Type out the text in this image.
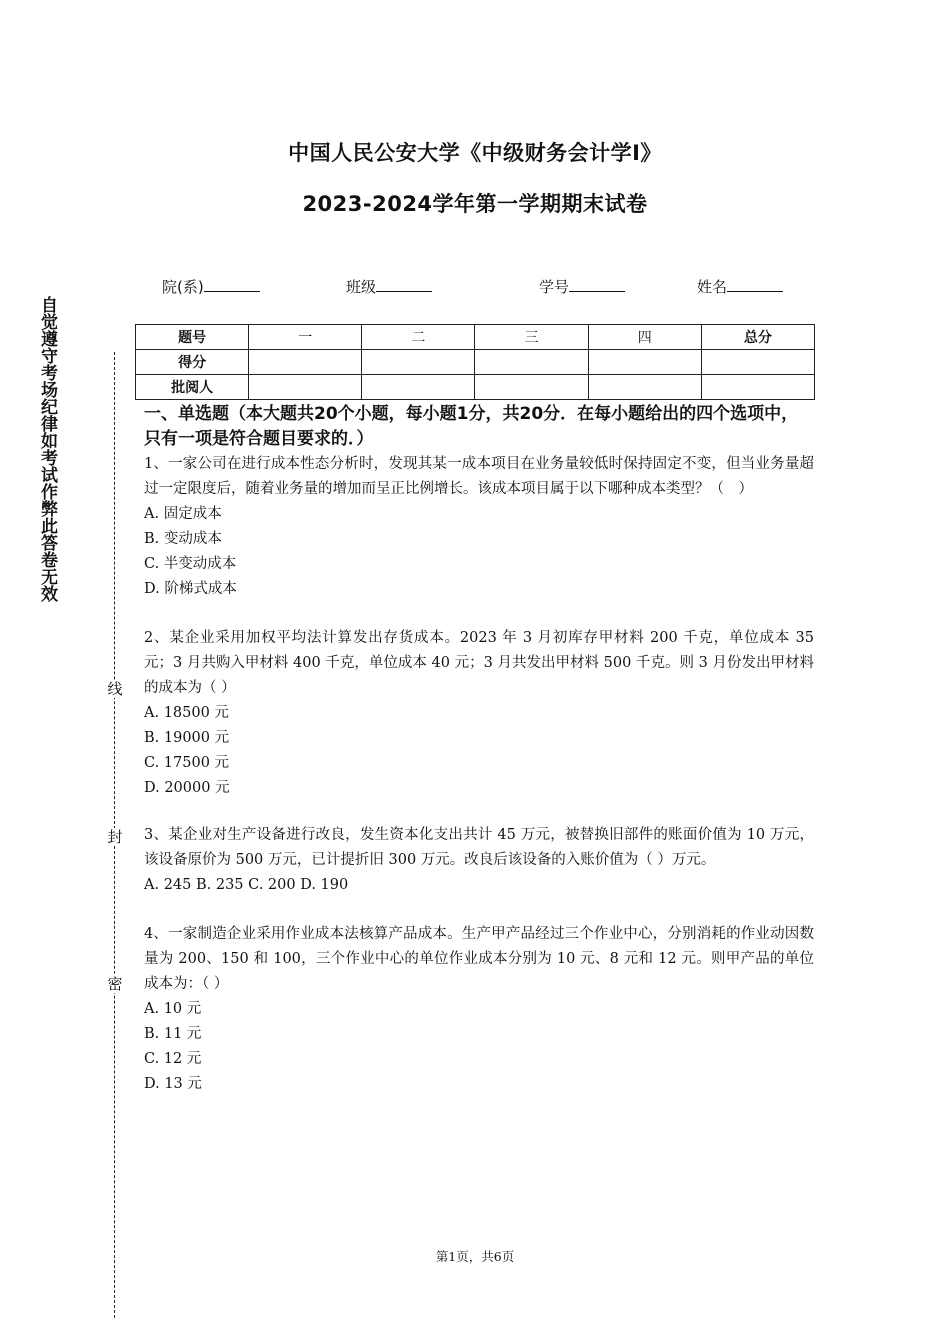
中国人民公安大学《中级财务会计学Ⅰ》
2023-2024学年第一学期期末试卷
自觉遵守考场纪律如考试作弊此答卷无效
线
封
密
院(系)	班级	学号	姓名
题号	一	二	三	四	总分
得分					
批阅人					

一、单选题（本大题共20个小题，每小题1分，共20分．在每小题给出的四个选项中，只有一项是符合题目要求的．）

1、一家公司在进行成本性态分析时，发现其某一成本项目在业务量较低时保持固定不变，但当业务量超过一定限度后，随着业务量的增加而呈正比例增长。该成本项目属于以下哪种成本类型？（　）

A. 固定成本

B. 变动成本

C. 半变动成本

D. 阶梯式成本

2、某企业采用加权平均法计算发出存货成本。2023 年 3 月初库存甲材料 200 千克，单位成本 35 元；3 月共购入甲材料 400 千克，单位成本 40 元；3 月共发出甲材料 500 千克。则 3 月份发出甲材料的成本为（ ）

A. 18500 元

B. 19000 元

C. 17500 元

D. 20000 元

3、某企业对生产设备进行改良，发生资本化支出共计 45 万元，被替换旧部件的账面价值为 10 万元，该设备原价为 500 万元，已计提折旧 300 万元。改良后该设备的入账价值为（ ）万元。

A. 245 B. 235 C. 200 D. 190

4、一家制造企业采用作业成本法核算产品成本。生产甲产品经过三个作业中心，分别消耗的作业动因数量为 200、150 和 100，三个作业中心的单位作业成本分别为 10 元、8 元和 12 元。则甲产品的单位成本为：（ ）

A. 10 元

B. 11 元

C. 12 元

D. 13 元

第1页，共6页
